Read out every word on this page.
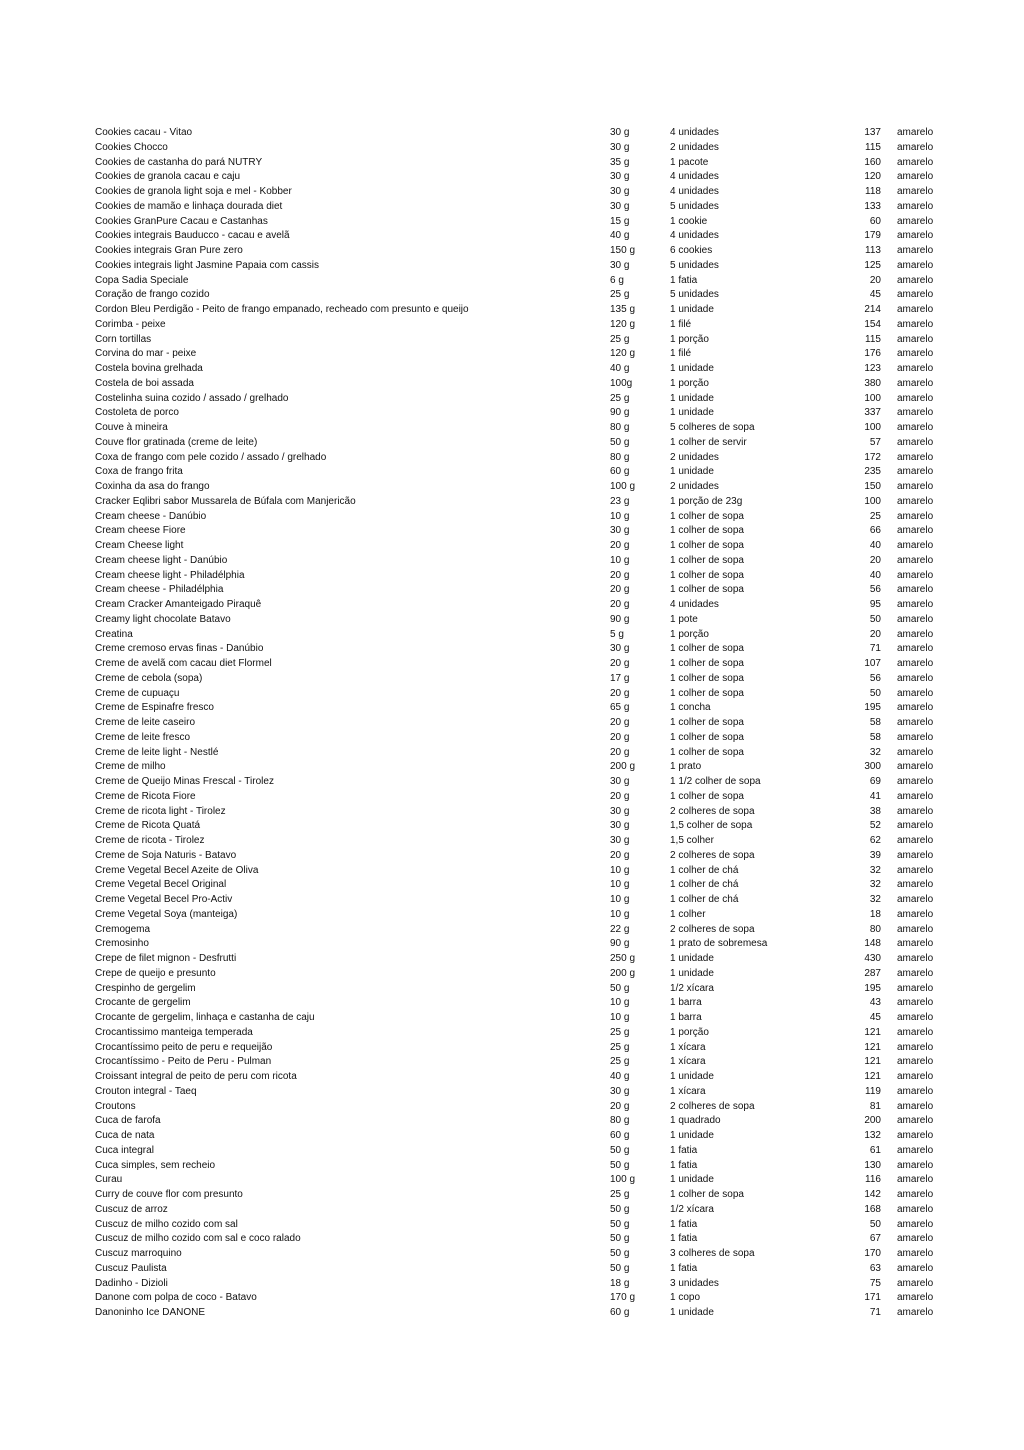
Cookies cacau - Vitao	30 g	4 unidades	137	amarelo
Cookies Chocco	30 g	2 unidades	115	amarelo
Cookies de castanha do pará NUTRY	35 g	1 pacote	160	amarelo
Cookies de granola cacau e caju	30 g	4 unidades	120	amarelo
Cookies de granola light soja e mel - Kobber	30 g	4 unidades	118	amarelo
Cookies de mamão e linhaça dourada diet	30 g	5 unidades	133	amarelo
Cookies GranPure Cacau e Castanhas	15 g	1 cookie	60	amarelo
Cookies integrais Bauducco - cacau e avelã	40 g	4 unidades	179	amarelo
Cookies integrais Gran Pure zero	150 g	6 cookies	113	amarelo
Cookies integrais light Jasmine Papaia com cassis	30 g	5 unidades	125	amarelo
Copa Sadia Speciale	6 g	1 fatia	20	amarelo
Coração de frango cozido	25 g	5 unidades	45	amarelo
Cordon Bleu Perdigão - Peito de frango empanado, recheado com presunto e queijo	135 g	1 unidade	214	amarelo
Corimba - peixe	120 g	1 filé	154	amarelo
Corn tortillas	25 g	1 porção	115	amarelo
Corvina do mar - peixe	120 g	1 filé	176	amarelo
Costela bovina grelhada	40 g	1 unidade	123	amarelo
Costela de boi assada	100g	1 porção	380	amarelo
Costelinha suina cozido / assado / grelhado	25 g	1 unidade	100	amarelo
Costoleta de porco	90 g	1 unidade	337	amarelo
Couve à mineira	80 g	5 colheres de sopa	100	amarelo
Couve flor gratinada (creme de leite)	50 g	1 colher de servir	57	amarelo
Coxa de frango com pele cozido / assado / grelhado	80 g	2 unidades	172	amarelo
Coxa de frango frita	60 g	1 unidade	235	amarelo
Coxinha da asa do frango	100 g	2 unidades	150	amarelo
Cracker Eqlibri sabor Mussarela de Búfala com Manjericão	23 g	1 porção de 23g	100	amarelo
Cream cheese - Danúbio	10 g	1 colher de sopa	25	amarelo
Cream cheese Fiore	30 g	1 colher de sopa	66	amarelo
Cream Cheese light	20 g	1 colher de sopa	40	amarelo
Cream cheese light - Danúbio	10 g	1 colher de sopa	20	amarelo
Cream cheese light - Philadélphia	20 g	1 colher de sopa	40	amarelo
Cream cheese - Philadélphia	20 g	1 colher de sopa	56	amarelo
Cream Cracker Amanteigado Piraquê	20 g	4 unidades	95	amarelo
Creamy light chocolate Batavo	90 g	1 pote	50	amarelo
Creatina	5 g	1 porção	20	amarelo
Creme cremoso ervas finas - Danúbio	30 g	1 colher de sopa	71	amarelo
Creme de avelã com cacau diet Flormel	20 g	1 colher de sopa	107	amarelo
Creme de cebola (sopa)	17 g	1 colher de sopa	56	amarelo
Creme de cupuaçu	20 g	1 colher de sopa	50	amarelo
Creme de Espinafre fresco	65 g	1 concha	195	amarelo
Creme de leite caseiro	20 g	1 colher de sopa	58	amarelo
Creme de leite fresco	20 g	1 colher de sopa	58	amarelo
Creme de leite light - Nestlé	20 g	1 colher de sopa	32	amarelo
Creme de milho	200 g	1 prato	300	amarelo
Creme de Queijo Minas Frescal - Tirolez	30 g	1 1/2 colher de sopa	69	amarelo
Creme de Ricota Fiore	20 g	1 colher de sopa	41	amarelo
Creme de ricota light - Tirolez	30 g	2 colheres de sopa	38	amarelo
Creme de Ricota Quatá	30 g	1,5 colher de sopa	52	amarelo
Creme de ricota - Tirolez	30 g	1,5 colher	62	amarelo
Creme de Soja Naturis - Batavo	20 g	2 colheres de sopa	39	amarelo
Creme Vegetal Becel Azeite de Oliva	10 g	1 colher de chá	32	amarelo
Creme Vegetal Becel Original	10 g	1 colher de chá	32	amarelo
Creme Vegetal Becel Pro-Activ	10 g	1 colher de chá	32	amarelo
Creme Vegetal Soya (manteiga)	10 g	1 colher	18	amarelo
Cremogema	22 g	2 colheres de sopa	80	amarelo
Cremosinho	90 g	1 prato de sobremesa	148	amarelo
Crepe de filet mignon - Desfrutti	250 g	1 unidade	430	amarelo
Crepe de queijo e presunto	200 g	1 unidade	287	amarelo
Crespinho de gergelim	50 g	1/2 xícara	195	amarelo
Crocante de gergelim	10 g	1 barra	43	amarelo
Crocante de gergelim, linhaça e castanha de caju	10 g	1 barra	45	amarelo
Crocantissimo manteiga temperada	25 g	1 porção	121	amarelo
Crocantíssimo peito de peru e requeijão	25 g	1 xícara	121	amarelo
Crocantíssimo - Peito de Peru - Pulman	25 g	1 xícara	121	amarelo
Croissant integral de peito de peru com ricota	40 g	1 unidade	121	amarelo
Crouton integral - Taeq	30 g	1 xícara	119	amarelo
Croutons	20 g	2 colheres de sopa	81	amarelo
Cuca de farofa	80 g	1 quadrado	200	amarelo
Cuca de nata	60 g	1 unidade	132	amarelo
Cuca integral	50 g	1 fatia	61	amarelo
Cuca simples, sem recheio	50 g	1 fatia	130	amarelo
Curau	100 g	1 unidade	116	amarelo
Curry de couve flor com presunto	25 g	1 colher de sopa	142	amarelo
Cuscuz de arroz	50 g	1/2 xícara	168	amarelo
Cuscuz de milho cozido com sal	50 g	1 fatia	50	amarelo
Cuscuz de milho cozido com sal e coco ralado	50 g	1 fatia	67	amarelo
Cuscuz marroquino	50 g	3 colheres de sopa	170	amarelo
Cuscuz Paulista	50 g	1 fatia	63	amarelo
Dadinho - Dizioli	18 g	3 unidades	75	amarelo
Danone com polpa de coco - Batavo	170 g	1 copo	171	amarelo
Danoninho Ice DANONE	60 g	1 unidade	71	amarelo
